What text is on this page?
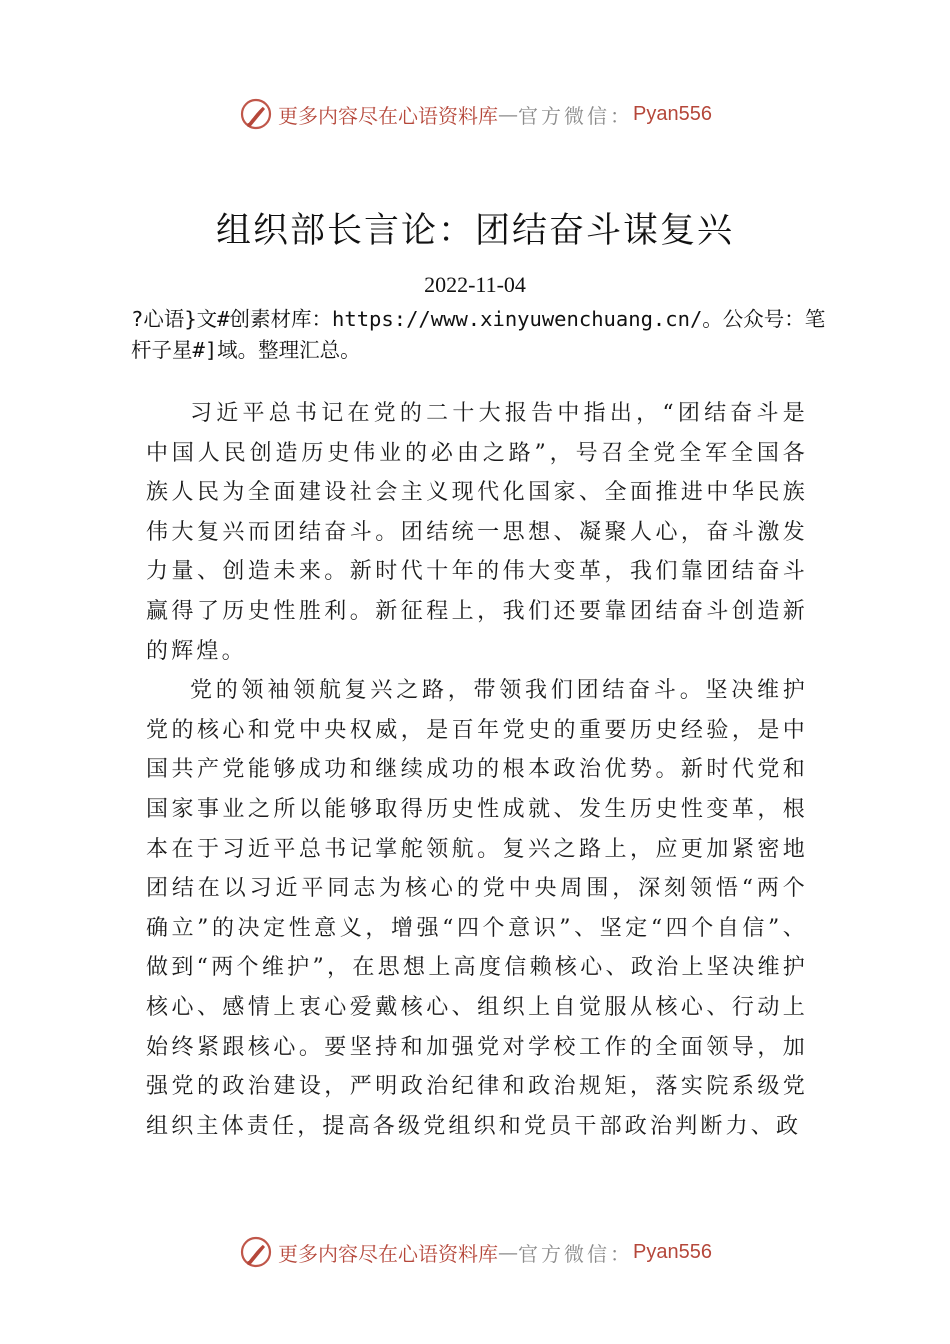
更多内容尽在心语资料库 — 官方微信： Pyan556
组织部长言论：团结奋斗谋复兴
2022-11-04
?心语}文#创素材库：https://www.xinyuwenchuang.cn/。公众号：笔杆子星#]域。整理汇总。

习近平总书记在党的二十大报告中指出，“团结奋斗是中国人民创造历史伟业的必由之路”，号召全党全军全国各族人民为全面建设社会主义现代化国家、全面推进中华民族伟大复兴而团结奋斗。团结统一思想、凝聚人心，奋斗激发力量、创造未来。新时代十年的伟大变革，我们靠团结奋斗赢得了历史性胜利。新征程上，我们还要靠团结奋斗创造新的辉煌。

党的领袖领航复兴之路，带领我们团结奋斗。坚决维护党的核心和党中央权威，是百年党史的重要历史经验，是中国共产党能够成功和继续成功的根本政治优势。新时代党和国家事业之所以能够取得历史性成就、发生历史性变革，根本在于习近平总书记掌舵领航。复兴之路上，应更加紧密地团结在以习近平同志为核心的党中央周围，深刻领悟“两个确立”的决定性意义，增强“四个意识”、坚定“四个自信”、做到“两个维护”，在思想上高度信赖核心、政治上坚决维护核心、感情上衷心爱戴核心、组织上自觉服从核心、行动上始终紧跟核心。要坚持和加强党对学校工作的全面领导，加强党的政治建设，严明政治纪律和政治规矩，落实院系级党组织主体责任，提高各级党组织和党员干部政治判断力、政

更多内容尽在心语资料库 — 官方微信： Pyan556
